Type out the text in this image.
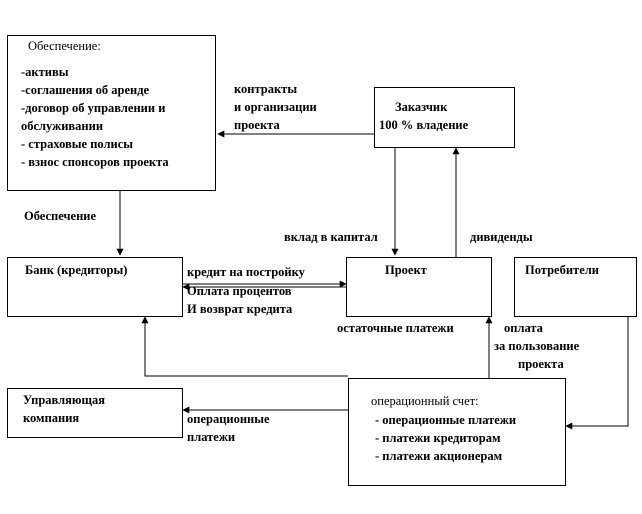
Обеспечение:
-активы
-соглашения об аренде
-договор об управлении и
обслуживании
- страховые полисы
- взнос спонсоров проекта
Заказчик
100 % владение
Банк (кредиторы)	Проект	Потребители
Управляющая
компания
операционный счет:
- операционные платежи
- платежи кредиторам
- платежи акционерам
контракты
и организации
проекта
Обеспечение
вклад в капитал	дивиденды
кредит на постройку
Оплата процентов
И возврат кредита
остаточные платежи	оплата
за пользование
проекта
операционные
платежи
